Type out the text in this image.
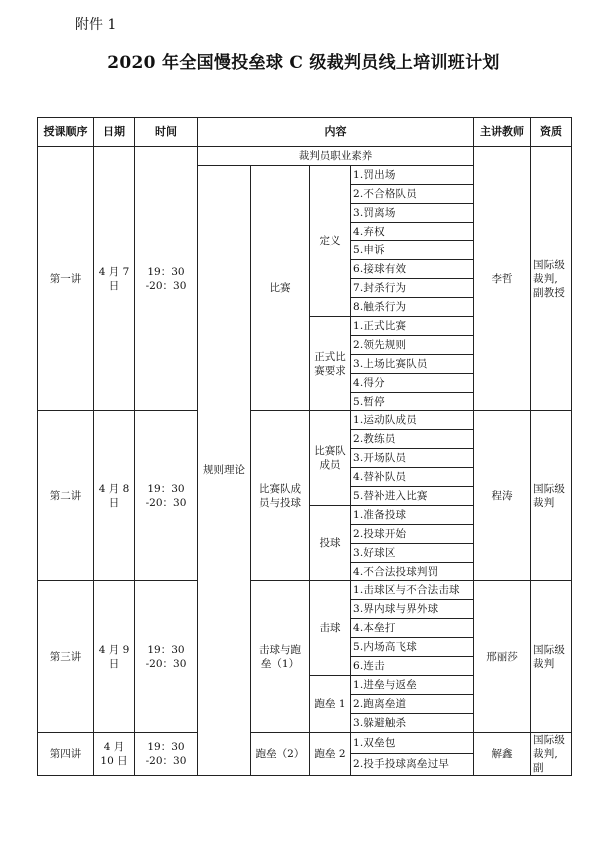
附件 1
2020 年全国慢投垒球 C 级裁判员线上培训班计划
授课顺序	日期	时间	内容				主讲教师	资质
第一讲	4 月 7 日	19：30 -20：30	裁判员职业素养				李哲	国际级裁判,副教授
			规则理论	比赛	定义	1.罚出场		
						2.不合格队员		
						3.罚离场		
						4.弃权		
						5.申诉		
						6.接球有效		
						7.封杀行为		
						8.触杀行为		
					正式比赛要求	1.正式比赛		
						2.领先规则		
						3.上场比赛队员		
						4.得分		
						5.暂停		
第二讲	4 月 8 日	19：30 -20：30		比赛队成员与投球	比赛队成员	1.运动队成员	程涛	国际级裁判
						2.教练员		
						3.开场队员		
						4.替补队员		
						5.替补进入比赛		
					投球	1.准备投球		
						2.投球开始		
						3.好球区		
						4.不合法投球判罚		
第三讲	4 月 9 日	19：30 -20：30		击球与跑垒（1）	击球	1.击球区与不合法击球	邢丽莎	国际级裁判

						3.界内球与界外球		
						4.本垒打		
						5.内场高飞球		
						6.连击		
					跑垒 1	1.进垒与返垒		
						2.跑离垒道		
						3.躲避触杀		
第四讲	4 月 10 日	19：30 -20：30		跑垒（2）	跑垒 2	1.双垒包	解鑫	国际级裁判,副
						2.投手投球离垒过早		
